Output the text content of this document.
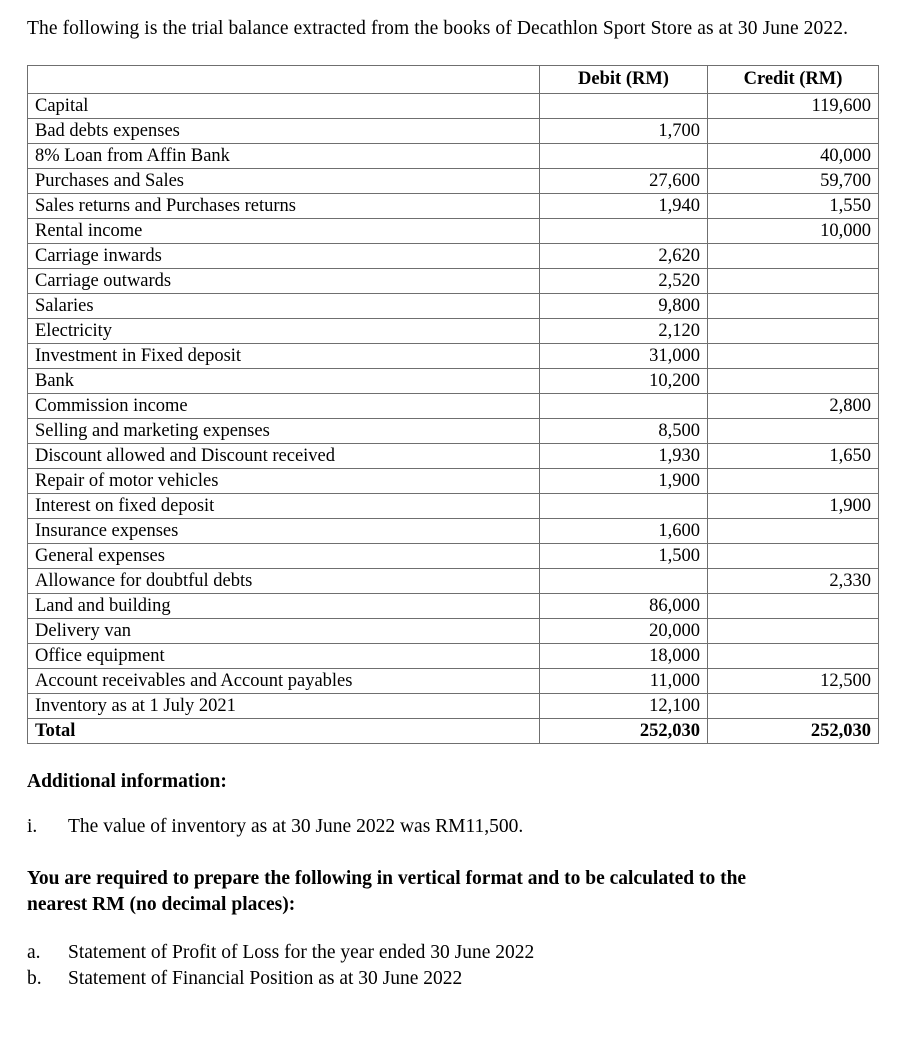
The following is the trial balance extracted from the books of Decathlon Sport Store as at 30 June 2022.

	Debit (RM)	Credit (RM)
Capital		119,600
Bad debts expenses	1,700	
8% Loan from Affin Bank		40,000
Purchases and Sales	27,600	59,700
Sales returns and Purchases returns	1,940	1,550
Rental income		10,000
Carriage inwards	2,620	
Carriage outwards	2,520	
Salaries	9,800	
Electricity	2,120	
Investment in Fixed deposit	31,000	
Bank	10,200	
Commission income		2,800
Selling and marketing expenses	8,500	
Discount allowed and Discount received	1,930	1,650
Repair of motor vehicles	1,900	
Interest on fixed deposit		1,900
Insurance expenses	1,600	
General expenses	1,500	
Allowance for doubtful debts		2,330
Land and building	86,000	
Delivery van	20,000	
Office equipment	18,000	
Account receivables and Account payables	11,000	12,500
Inventory as at 1 July 2021	12,100	
Total	252,030	252,030

Additional information:

i.	The value of inventory as at 30 June 2022 was RM11,500.

You are required to prepare the following in vertical format and to be calculated to the
nearest RM (no decimal places):

a.	Statement of Profit of Loss for the year ended 30 June 2022
b.	Statement of Financial Position as at 30 June 2022
